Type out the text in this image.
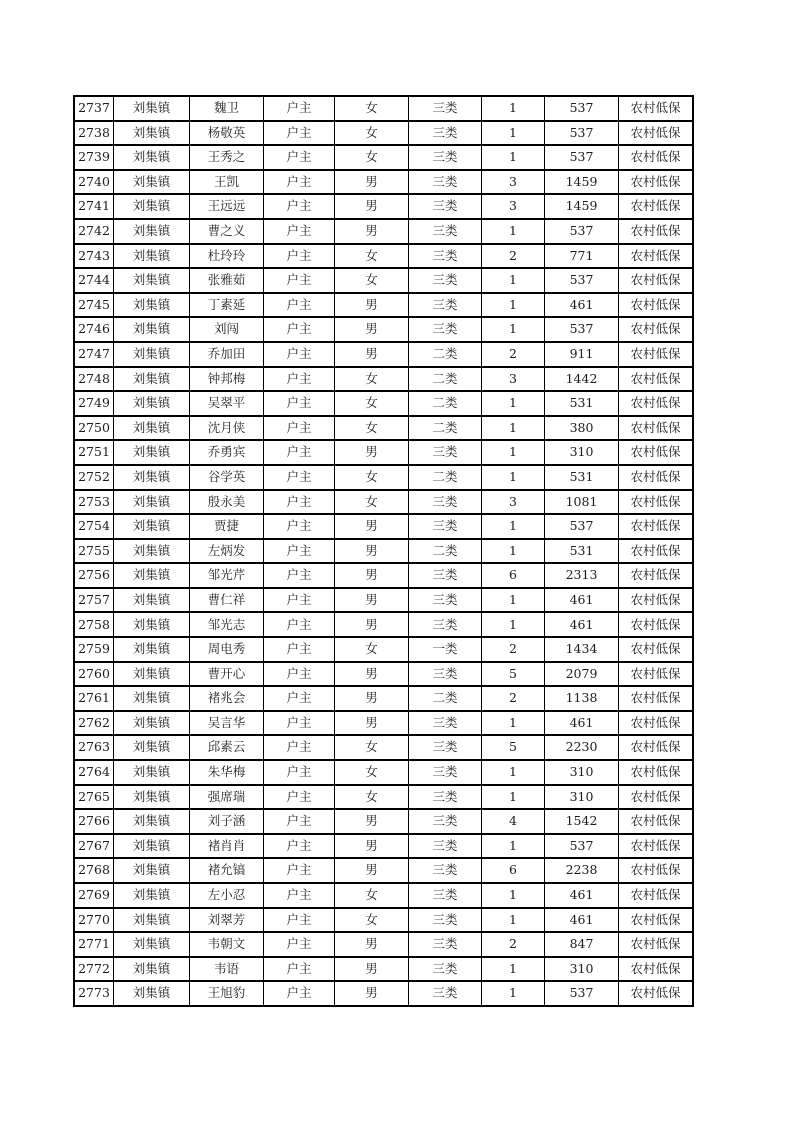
2737	刘集镇	魏卫	户主	女	三类	1	537	农村低保
2738	刘集镇	杨敬英	户主	女	三类	1	537	农村低保
2739	刘集镇	王秀之	户主	女	三类	1	537	农村低保
2740	刘集镇	王凯	户主	男	三类	3	1459	农村低保
2741	刘集镇	王远远	户主	男	三类	3	1459	农村低保
2742	刘集镇	曹之义	户主	男	三类	1	537	农村低保
2743	刘集镇	杜玲玲	户主	女	三类	2	771	农村低保
2744	刘集镇	张雅茹	户主	女	三类	1	537	农村低保
2745	刘集镇	丁素延	户主	男	三类	1	461	农村低保
2746	刘集镇	刘闯	户主	男	三类	1	537	农村低保
2747	刘集镇	乔加田	户主	男	二类	2	911	农村低保
2748	刘集镇	钟邦梅	户主	女	二类	3	1442	农村低保
2749	刘集镇	吴翠平	户主	女	二类	1	531	农村低保
2750	刘集镇	沈月侠	户主	女	二类	1	380	农村低保
2751	刘集镇	乔勇宾	户主	男	三类	1	310	农村低保
2752	刘集镇	谷学英	户主	女	二类	1	531	农村低保
2753	刘集镇	殷永美	户主	女	三类	3	1081	农村低保
2754	刘集镇	贾捷	户主	男	三类	1	537	农村低保
2755	刘集镇	左炳发	户主	男	二类	1	531	农村低保
2756	刘集镇	邹光芹	户主	男	三类	6	2313	农村低保
2757	刘集镇	曹仁祥	户主	男	三类	1	461	农村低保
2758	刘集镇	邹光志	户主	男	三类	1	461	农村低保
2759	刘集镇	周电秀	户主	女	一类	2	1434	农村低保
2760	刘集镇	曹开心	户主	男	三类	5	2079	农村低保
2761	刘集镇	褚兆会	户主	男	二类	2	1138	农村低保
2762	刘集镇	吴言华	户主	男	三类	1	461	农村低保
2763	刘集镇	邱素云	户主	女	三类	5	2230	农村低保
2764	刘集镇	朱华梅	户主	女	三类	1	310	农村低保
2765	刘集镇	强席瑞	户主	女	三类	1	310	农村低保
2766	刘集镇	刘子涵	户主	男	三类	4	1542	农村低保
2767	刘集镇	褚肖肖	户主	男	三类	1	537	农村低保
2768	刘集镇	褚允镐	户主	男	三类	6	2238	农村低保
2769	刘集镇	左小忍	户主	女	三类	1	461	农村低保
2770	刘集镇	刘翠芳	户主	女	三类	1	461	农村低保
2771	刘集镇	韦朝文	户主	男	三类	2	847	农村低保
2772	刘集镇	韦语	户主	男	三类	1	310	农村低保
2773	刘集镇	王旭豹	户主	男	三类	1	537	农村低保
